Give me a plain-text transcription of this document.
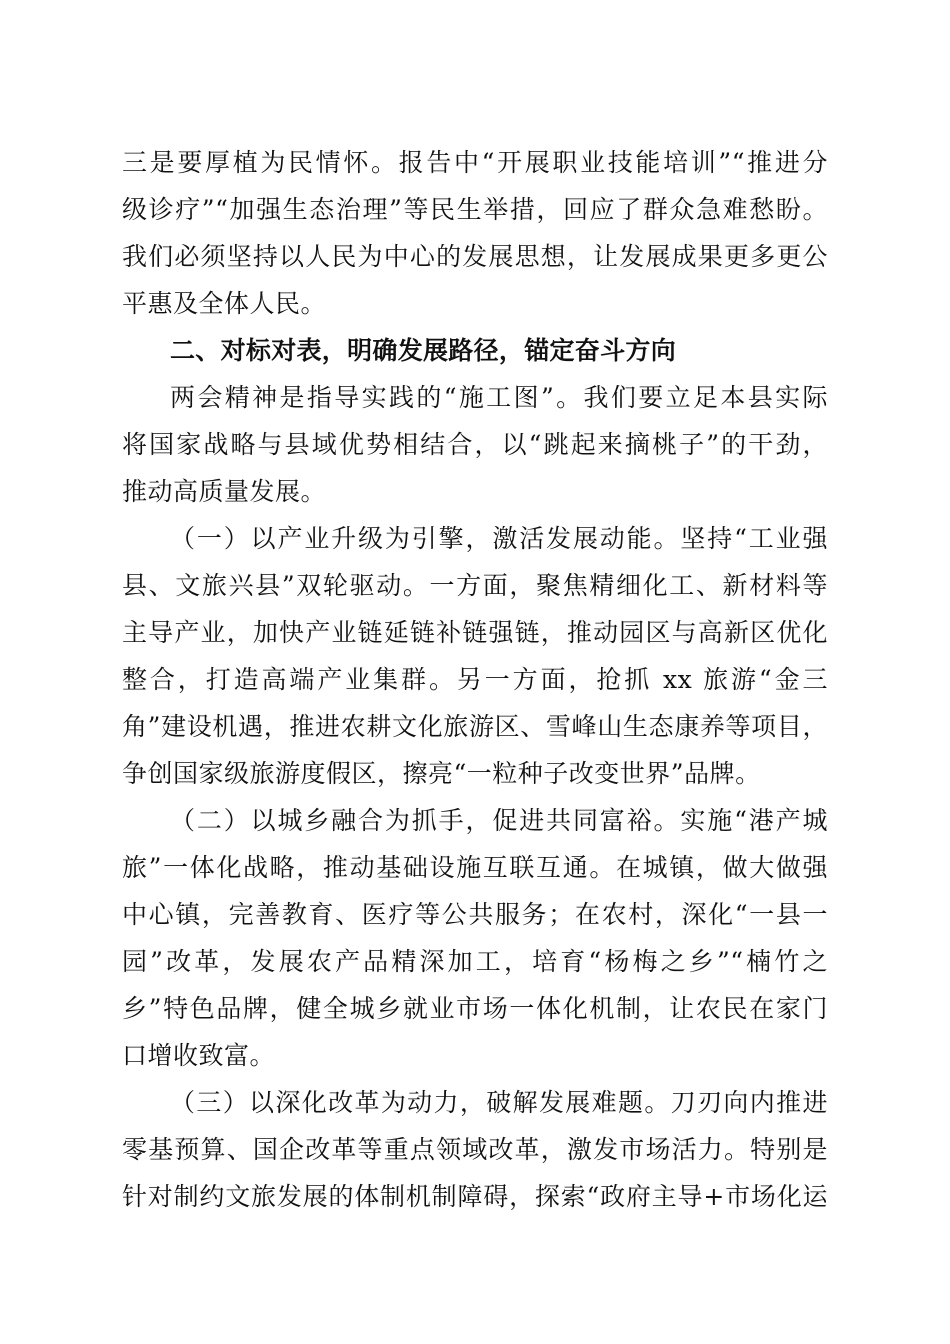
三是要厚植为民情怀。报告中“开展职业技能培训”“推进分
级诊疗”“加强生态治理”等民生举措，回应了群众急难愁盼。
我们必须坚持以人民为中心的发展思想，让发展成果更多更公
平惠及全体人民。
二、对标对表，明确发展路径，锚定奋斗方向
两会精神是指导实践的“施工图”。我们要立足本县实际
将国家战略与县域优势相结合，以“跳起来摘桃子”的干劲，
推动高质量发展。
（一）以产业升级为引擎，激活发展动能。坚持“工业强
县、文旅兴县”双轮驱动。一方面，聚焦精细化工、新材料等
主导产业，加快产业链延链补链强链，推动园区与高新区优化
整合，打造高端产业集群。另一方面，抢抓 xx 旅游“金三
角”建设机遇，推进农耕文化旅游区、雪峰山生态康养等项目，
争创国家级旅游度假区，擦亮“一粒种子改变世界”品牌。
（二）以城乡融合为抓手，促进共同富裕。实施“港产城
旅”一体化战略，推动基础设施互联互通。在城镇，做大做强
中心镇，完善教育、医疗等公共服务；在农村，深化“一县一
园”改革，发展农产品精深加工，培育“杨梅之乡”“楠竹之
乡”特色品牌，健全城乡就业市场一体化机制，让农民在家门
口增收致富。
（三）以深化改革为动力，破解发展难题。刀刃向内推进
零基预算、国企改革等重点领域改革，激发市场活力。特别是
针对制约文旅发展的体制机制障碍，探索“政府主导+市场化运
